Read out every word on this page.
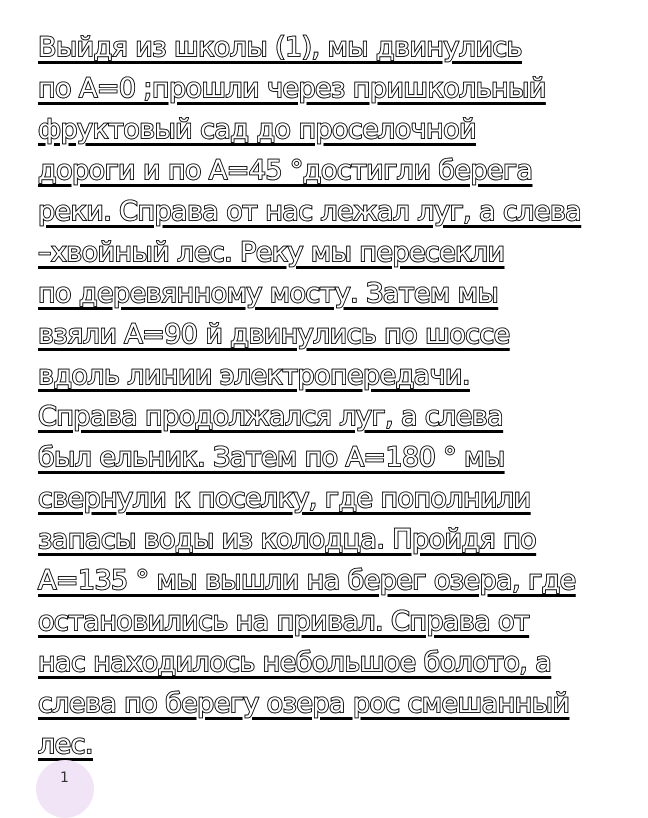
Выйдя из школы (1), мы двинулись
по А=0 ;прошли через пришкольный
фруктовый сад до проселочной
дороги и по А=45 °достигли берега
реки. Справа от нас лежал луг, а слева
–хвойный лес. Реку мы пересекли
по деревянному мосту. Затем мы
взяли А=90 й двинулись по шоссе
вдоль линии электропередачи.
Справа продолжался луг, а слева
был ельник. Затем по А=180 ° мы
свернули к поселку, где пополнили
запасы воды из колодца. Пройдя по
А=135 ° мы вышли на берег озера, где
остановились на привал. Справа от
нас находилось небольшое болото, а
слева по берегу озера рос смешанный
лес.
1
